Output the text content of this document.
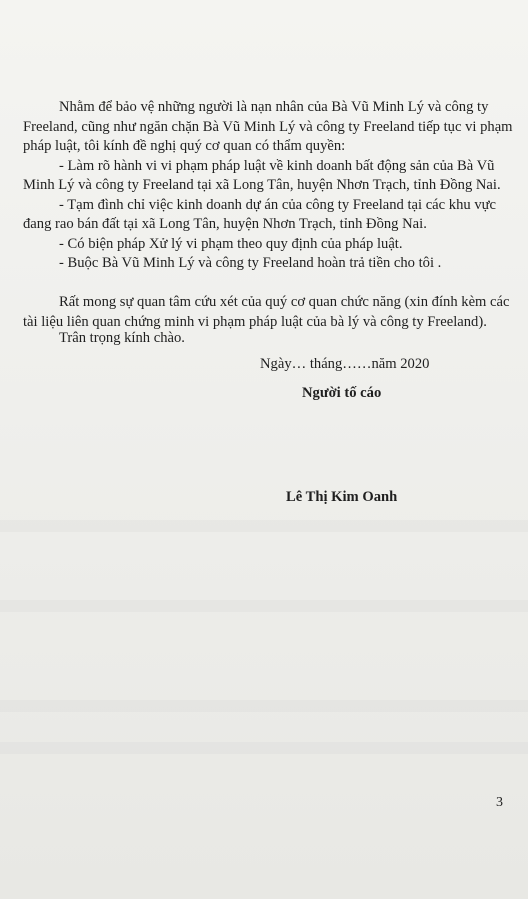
Nhằm để bảo vệ những người là nạn nhân của Bà Vũ Minh Lý và công ty
Freeland, cũng như ngăn chặn Bà Vũ Minh Lý và công ty Freeland tiếp tục vi phạm
pháp luật, tôi kính đề nghị quý cơ quan có thẩm quyền:
- Làm rõ hành vi vi phạm pháp luật về kinh doanh bất động sản của Bà Vũ
Minh Lý và công ty Freeland tại xã Long Tân, huyện Nhơn Trạch, tỉnh Đồng Nai.
- Tạm đình chỉ việc kinh doanh dự án của công ty Freeland tại các khu vực
đang rao bán đất tại xã Long Tân, huyện Nhơn Trạch, tỉnh Đồng Nai.
- Có biện pháp Xử lý vi phạm theo quy định của pháp luật.
- Buộc Bà Vũ Minh Lý và công ty Freeland hoàn trả tiền cho tôi .
Rất mong sự quan tâm cứu xét của quý cơ quan chức năng (xin đính kèm các
tài liệu liên quan chứng minh vi phạm pháp luật của bà lý và công ty Freeland).
Trân trọng kính chào.
Ngày… tháng……năm 2020
Người tố cáo
Lê Thị Kim Oanh
3
